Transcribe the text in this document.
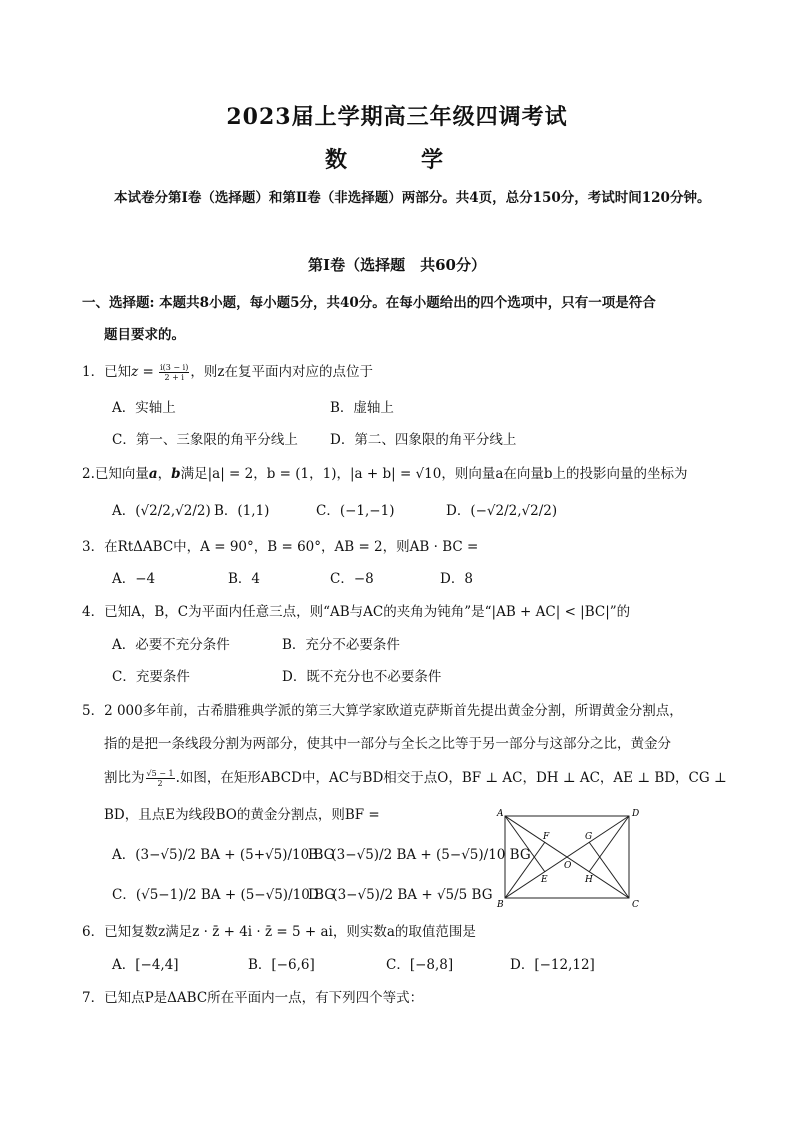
2023届上学期高三年级四调考试
数　学
本试卷分第Ⅰ卷（选择题）和第Ⅱ卷（非选择题）两部分。共4页，总分150分，考试时间120分钟。
第Ⅰ卷（选择题　共60分）
一、选择题: 本题共8小题，每小题5分，共40分。在每小题给出的四个选项中，只有一项是符合
题目要求的。
1．已知$z = \frac{i(3 - i)}{2 + i}$ ，则z在复平面内对应的点位于
A．实轴上	B．虚轴上
C．第一、三象限的角平分线上 D．第二、四象限的角平分线上
2.已知向量a，b满足|a| = 2，b = (1，1)，|a + b| = √10，则向量a在向量b上的投影向量的坐标为
A．(√2/2,√2/2) B．(1,1)	C．(−1,−1)	D．(−√2/2,√2/2)
3．在RtΔABC中，A = 90°，B = 60°，AB = 2，则AB · BC =
A．−4	B．4	C．−8	D．8
4．已知A，B，C为平面内任意三点，则“AB与AC的夹角为钝角”是“|AB + AC| < |BC|”的
A．必要不充分条件	B．充分不必要条件
C．充要条件	D．既不充分也不必要条件
5．2 000多年前，古希腊雅典学派的第三大算学家欧道克萨斯首先提出黄金分割，所谓黄金分割点，
指的是把一条线段分割为两部分，使其中一部分与全长之比等于另一部分与这部分之比，黄金分
割比为 $\frac{√5 - 1}{2}$ .如图，在矩形ABCD中，AC与BD相交于点O，BF ⊥ AC，DH ⊥ AC，AE ⊥ BD，CG ⊥
BD，且点E为线段BO的黄金分割点，则BF =
A．(3−√5)/2 BA + (5+√5)/10 BG
B．(3−√5)/2 BA + (5−√5)/10 BG
C．(√5−1)/2 BA + (5−√5)/10 BG
D．(3−√5)/2 BA + √5/5 BG
A	D
F	G
O
E	H
B	C
6．已知复数z满足z · z̄ + 4i · z̄ = 5 + ai，则实数a的取值范围是
A．[−4,4]	B．[−6,6]	C．[−8,8]	D．[−12,12]
7．已知点P是ΔABC所在平面内一点，有下列四个等式：
